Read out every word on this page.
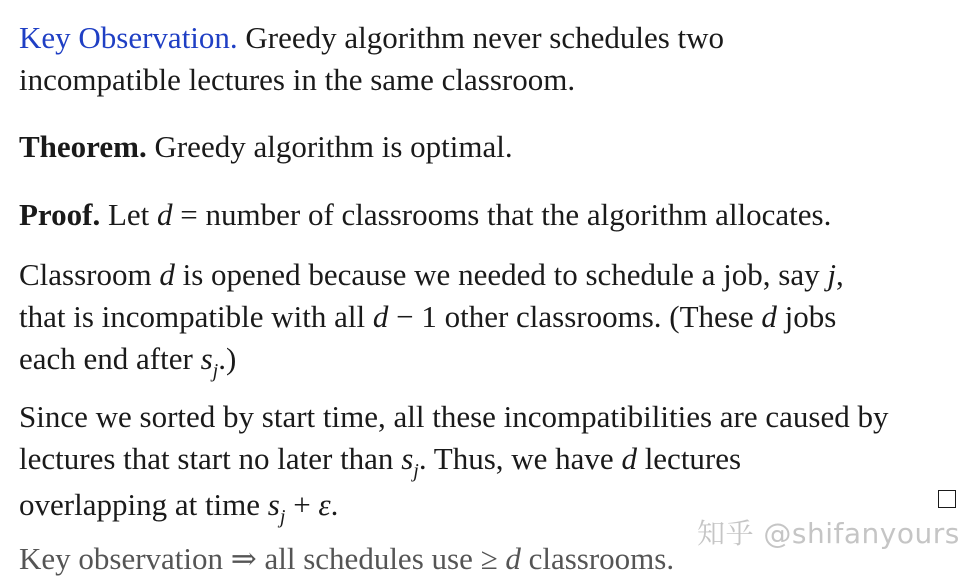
Key Observation. Greedy algorithm never schedules two
incompatible lectures in the same classroom.

Theorem. Greedy algorithm is optimal.

Proof. Let d = number of classrooms that the algorithm allocates.

Classroom d is opened because we needed to schedule a job, say j,
that is incompatible with all d − 1 other classrooms. (These d jobs
each end after $s_j$.)

Since we sorted by start time, all these incompatibilities are caused by
lectures that start no later than $s_j$. Thus, we have d lectures
overlapping at time $s_j + \varepsilon$.

知乎 @shifanyours

Key observation ⇒ all schedules use ≥ d classrooms.
